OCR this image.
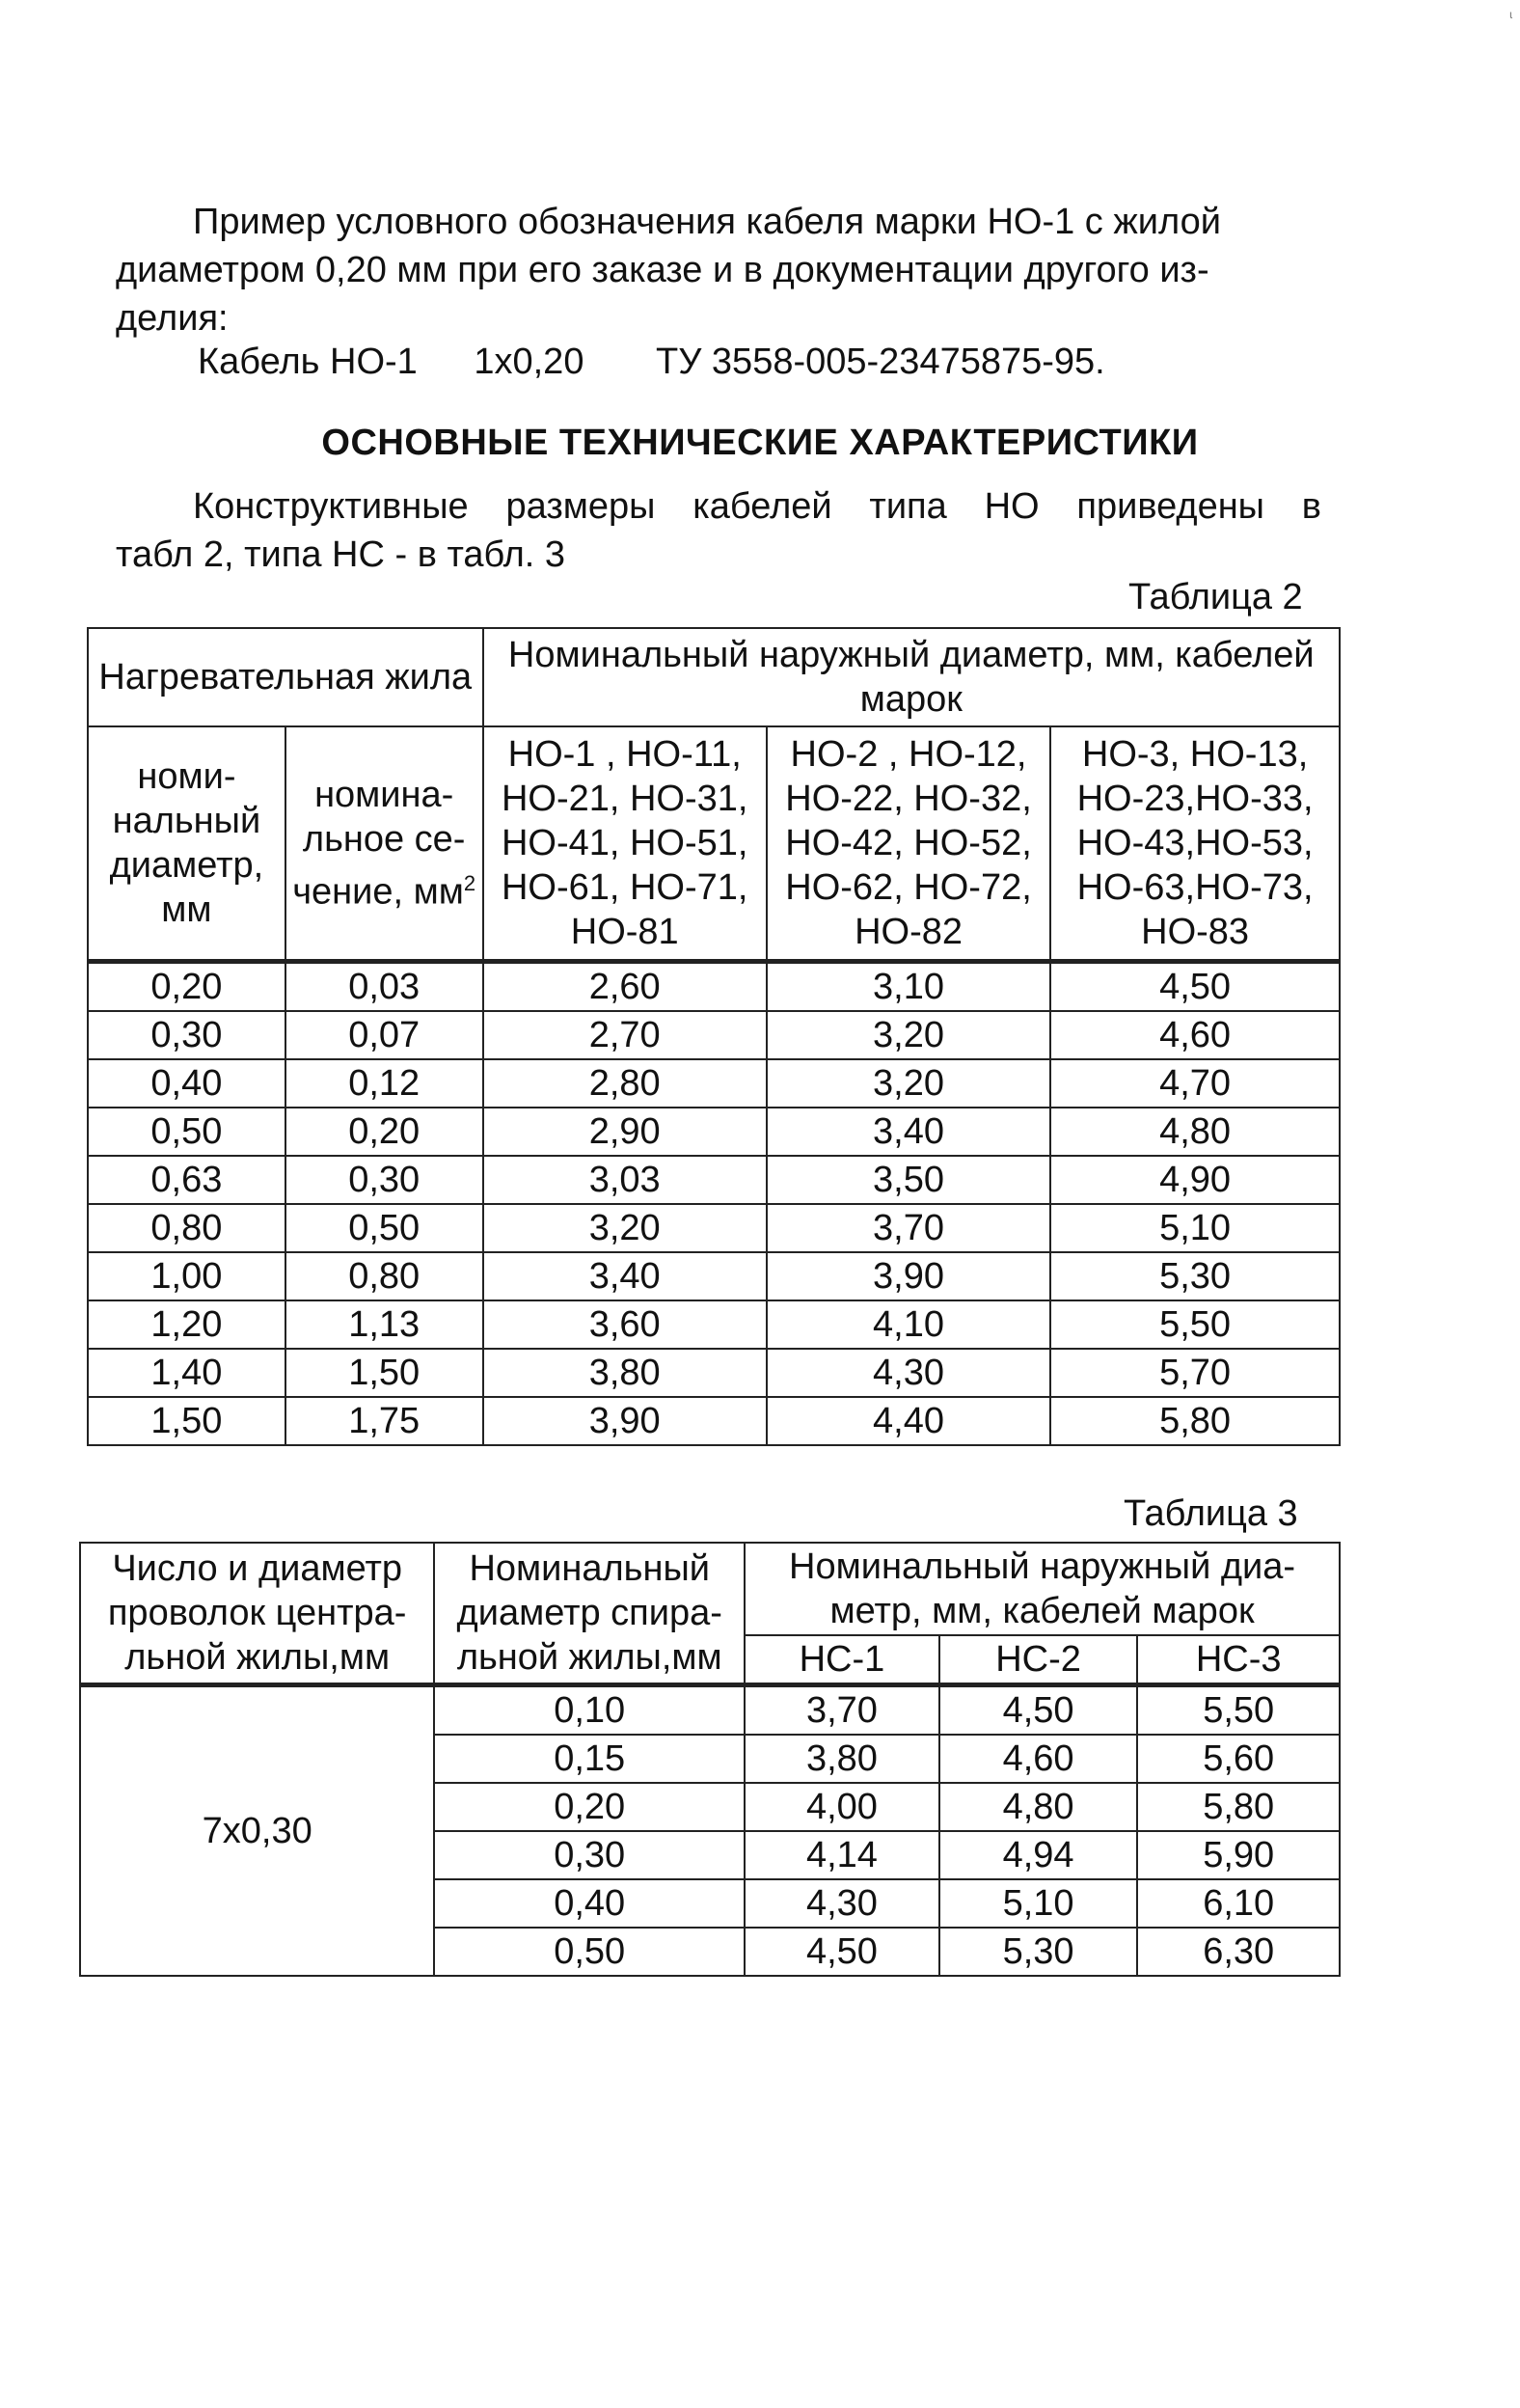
ɩ
Пример условного обозначения кабеля марки НО-1 с жилой
диаметром 0,20 мм при его заказе и в документации другого из-
делия:
Кабель НО-1 1х0,20 ТУ 3558-005-23475875-95.
ОСНОВНЫЕ ТЕХНИЧЕСКИЕ ХАРАКТЕРИСТИКИ
Конструктивные размеры кабелей типа НО приведены в
табл 2, типа НС - в табл. 3
Таблица 2
Нагревательная жила		Номинальный наружный диаметр, мм, кабелей марок		
номи- нальный диаметр, мм	номина- льное се- чение, $мм^2$	НО-1 , НО-11, НО-21, НО-31, НО-41, НО-51, НО-61, НО-71, НО-81	НО-2 , НО-12, НО-22, НО-32, НО-42, НО-52, НО-62, НО-72, НО-82	НО-3, НО-13, НО-23,НО-33, НО-43,НО-53, НО-63,НО-73, НО-83
0,20	0,03	2,60	3,10	4,50
0,30	0,07	2,70	3,20	4,60
0,40	0,12	2,80	3,20	4,70
0,50	0,20	2,90	3,40	4,80
0,63	0,30	3,03	3,50	4,90
0,80	0,50	3,20	3,70	5,10
1,00	0,80	3,40	3,90	5,30
1,20	1,13	3,60	4,10	5,50
1,40	1,50	3,80	4,30	5,70
1,50	1,75	3,90	4,40	5,80
Таблица 3
Число и диаметр проволок центра- льной жилы,мм	Номинальный диаметр спира- льной жилы,мм	Номинальный наружный диа- метр, мм, кабелей марок		
		НС-1	НС-2	НС-3
7х0,30	0,10	3,70	4,50	5,50
	0,15	3,80	4,60	5,60
	0,20	4,00	4,80	5,80
	0,30	4,14	4,94	5,90
	0,40	4,30	5,10	6,10
	0,50	4,50	5,30	6,30
